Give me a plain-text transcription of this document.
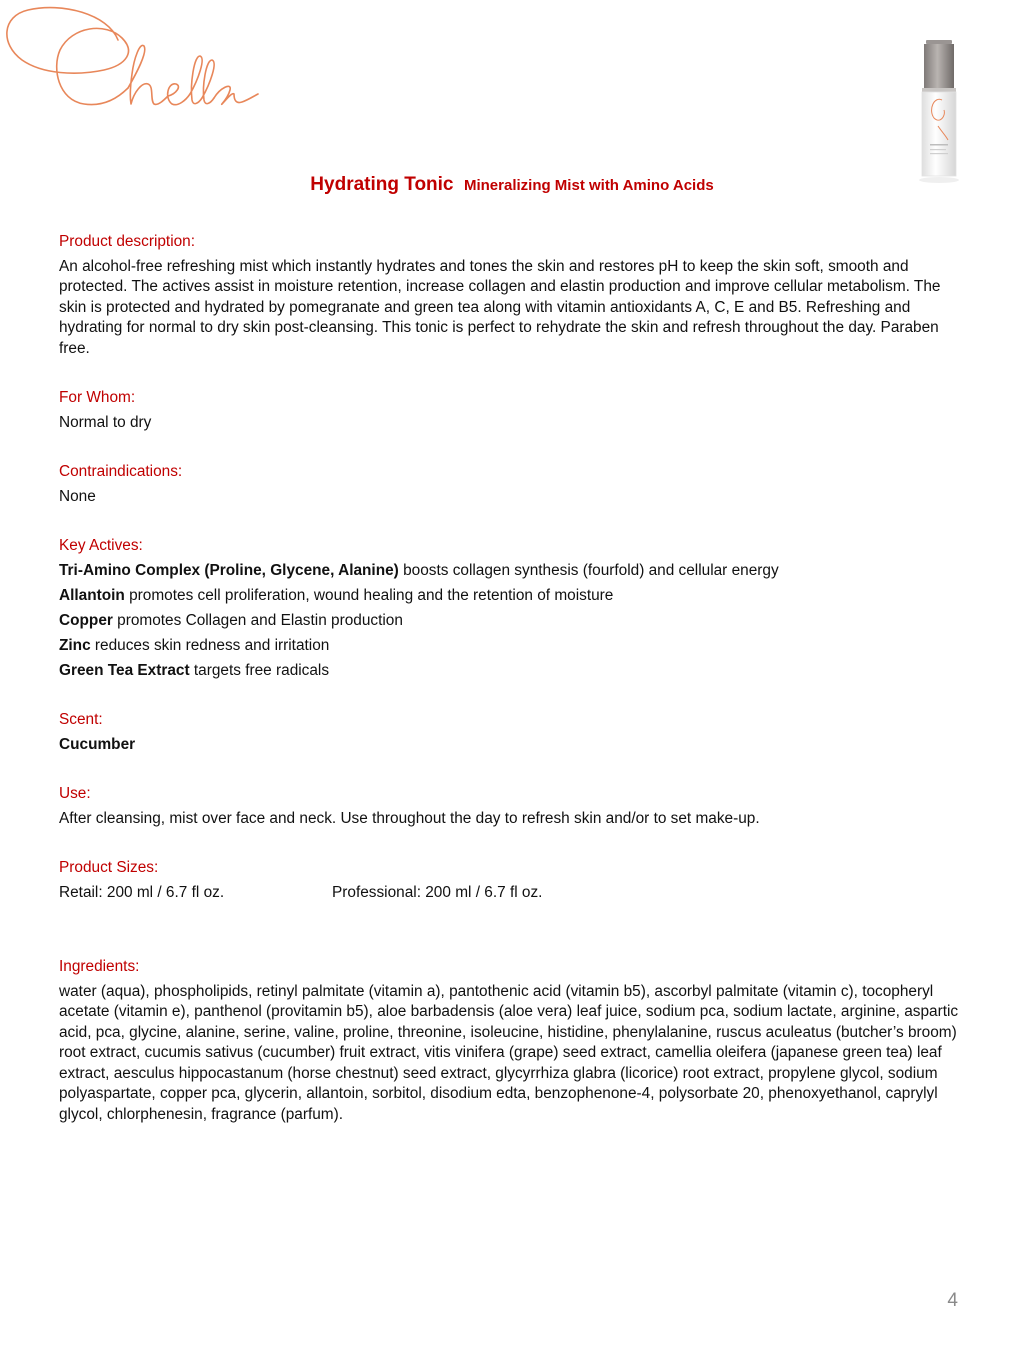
Hydrating Tonic Mineralizing Mist with Amino Acids
Product description:
An alcohol-free refreshing mist which instantly hydrates and tones the skin and restores pH to keep the skin soft, smooth and protected. The actives assist in moisture retention, increase collagen and elastin production and improve cellular metabolism. The skin is protected and hydrated by pomegranate and green tea along with vitamin antioxidants A, C, E and B5. Refreshing and hydrating for normal to dry skin post-cleansing. This tonic is perfect to rehydrate the skin and refresh throughout the day. Paraben free.
For Whom:
Normal to dry
Contraindications:
None
Key Actives:
Tri-Amino Complex (Proline, Glycene, Alanine) boosts collagen synthesis (fourfold) and cellular energy
Allantoin promotes cell proliferation, wound healing and the retention of moisture
Copper promotes Collagen and Elastin production
Zinc reduces skin redness and irritation
Green Tea Extract targets free radicals
Scent:
Cucumber
Use:
After cleansing, mist over face and neck. Use throughout the day to refresh skin and/or to set make-up.
Product Sizes:
Retail: 200 ml / 6.7 fl oz.	Professional: 200 ml / 6.7 fl oz.
Ingredients:
water (aqua), phospholipids, retinyl palmitate (vitamin a), pantothenic acid (vitamin b5), ascorbyl palmitate (vitamin c), tocopheryl acetate (vitamin e), panthenol (provitamin b5), aloe barbadensis (aloe vera) leaf juice, sodium pca, sodium lactate, arginine, aspartic acid, pca, glycine, alanine, serine, valine, proline, threonine, isoleucine, histidine, phenylalanine, ruscus aculeatus (butcher’s broom) root extract, cucumis sativus (cucumber) fruit extract, vitis vinifera (grape) seed extract, camellia oleifera (japanese green tea) leaf extract, aesculus hippocastanum (horse chestnut) seed extract, glycyrrhiza glabra (licorice) root extract, propylene glycol, sodium polyaspartate, copper pca, glycerin, allantoin, sorbitol, disodium edta, benzophenone-4, polysorbate 20, phenoxyethanol, caprylyl glycol, chlorphenesin, fragrance (parfum).
4
